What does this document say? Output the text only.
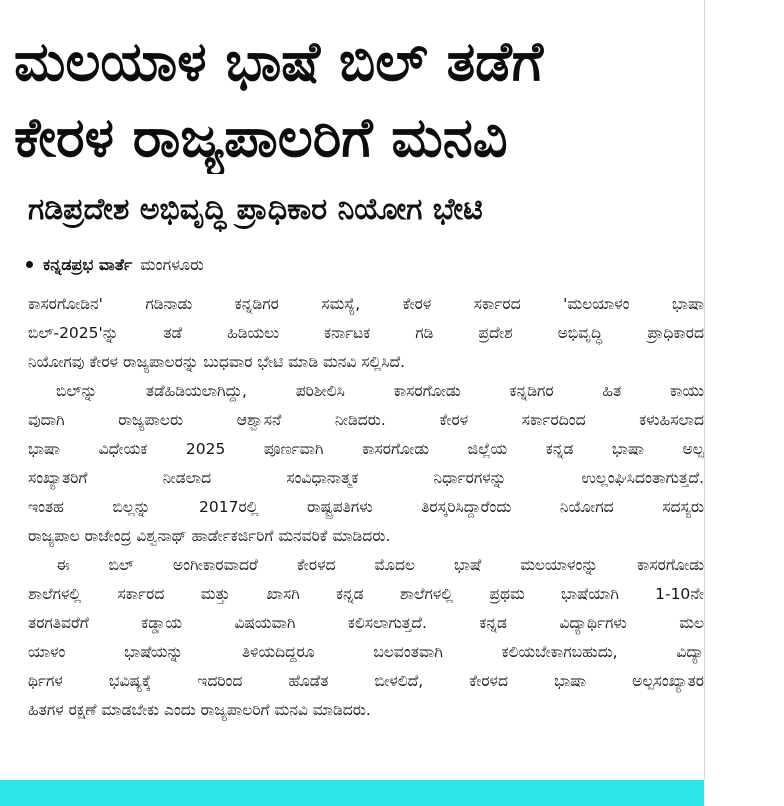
ಮಲಯಾಳ ಭಾಷೆ ಬಿಲ್ ತಡೆಗೆ
ಕೇರಳ ರಾಜ್ಯಪಾಲರಿಗೆ ಮನವಿ
ಗಡಿಪ್ರದೇಶ ಅಭಿವೃದ್ಧಿ ಪ್ರಾಧಿಕಾರ ನಿಯೋಗ ಭೇಟಿ
ಕನ್ನಡಪ್ರಭ ವಾರ್ತೆ ಮಂಗಳೂರು
ಕಾಸರಗೋಡಿನ' ಗಡಿನಾಡು ಕನ್ನಡಿಗರ ಸಮಸ್ಯೆ, ಕೇರಳ ಸರ್ಕಾರದ 'ಮಲಯಾಳಂ ಭಾಷಾ
ಬಿಲ್-2025'ನ್ನು ತಡೆ ಹಿಡಿಯಲು ಕರ್ನಾಟಕ ಗಡಿ ಪ್ರದೇಶ ಅಭಿವೃದ್ಧಿ ಪ್ರಾಧಿಕಾರದ
ನಿಯೋಗವು ಕೇರಳ ರಾಜ್ಯಪಾಲರನ್ನು ಬುಧವಾರ ಭೇಟಿ ಮಾಡಿ ಮನವಿ ಸಲ್ಲಿಸಿದೆ.
ಬಿಲ್‌ನ್ನು ತಡೆಹಿಡಿಯಲಾಗಿದ್ದು, ಪರಿಶೀಲಿಸಿ ಕಾಸರಗೋಡು ಕನ್ನಡಿಗರ ಹಿತ ಕಾಯು
ವುದಾಗಿ ರಾಜ್ಯಪಾಲರು ಆಶ್ವಾಸನೆ ನೀಡಿದರು. ಕೇರಳ ಸರ್ಕಾರದಿಂದ ಕಳುಹಿಸಲಾದ
ಭಾಷಾ ವಿಧೇಯಕ 2025 ಪೂರ್ಣವಾಗಿ ಕಾಸರಗೋಡು ಜಿಲ್ಲೆಯ ಕನ್ನಡ ಭಾಷಾ ಅಲ್ಪ
ಸಂಖ್ಯಾತರಿಗೆ ನೀಡಲಾದ ಸಂವಿಧಾನಾತ್ಮಕ ನಿರ್ಧಾರಗಳನ್ನು ಉಲ್ಲಂಘಿಸಿದಂತಾಗುತ್ತದೆ.
ಇಂತಹ ಬಿಲ್ಲನ್ನು 2017ರಲ್ಲಿ ರಾಷ್ಟ್ರಪತಿಗಳು ತಿರಸ್ಕರಿಸಿದ್ದಾರೆಂದು ನಿಯೋಗದ ಸದಸ್ಯರು
ರಾಜ್ಯಪಾಲ ರಾಜೇಂದ್ರ ವಿಶ್ವನಾಥ್ ಹಾರ್ಡೇಕರ್ಜಿರಿಗೆ ಮನವರಿಕೆ ಮಾಡಿದರು.
ಈ ಬಿಲ್ ಅಂಗೀಕಾರವಾದರೆ ಕೇರಳದ ಮೊದಲ ಭಾಷೆ ಮಲಯಾಳಂನ್ನು ಕಾಸರಗೋಡು
ಶಾಲೆಗಳಲ್ಲಿ ಸರ್ಕಾರದ ಮತ್ತು ಖಾಸಗಿ ಕನ್ನಡ ಶಾಲೆಗಳಲ್ಲಿ ಪ್ರಥಮ ಭಾಷೆಯಾಗಿ 1-10ನೇ
ತರಗತಿವರೆಗೆ ಕಡ್ಡಾಯ ವಿಷಯವಾಗಿ ಕಲಿಸಲಾಗುತ್ತದೆ. ಕನ್ನಡ ವಿದ್ಯಾರ್ಥಿಗಳು ಮಲ
ಯಾಳಂ ಭಾಷೆಯನ್ನು ತಿಳಿಯದಿದ್ದರೂ ಬಲವಂತವಾಗಿ ಕಲಿಯಬೇಕಾಗಬಹುದು, ವಿದ್ಯಾ
ರ್ಥಿಗಳ ಭವಿಷ್ಯಕ್ಕೆ ಇದರಿಂದ ಹೊಡೆತ ಬೀಳಲಿದೆ, ಕೇರಳದ ಭಾಷಾ ಅಲ್ಪಸಂಖ್ಯಾತರ
ಹಿತಗಳ ರಕ್ಷಣೆ ಮಾಡಬೇಕು ಎಂದು ರಾಜ್ಯಪಾಲರಿಗೆ ಮನವಿ ಮಾಡಿದರು.
